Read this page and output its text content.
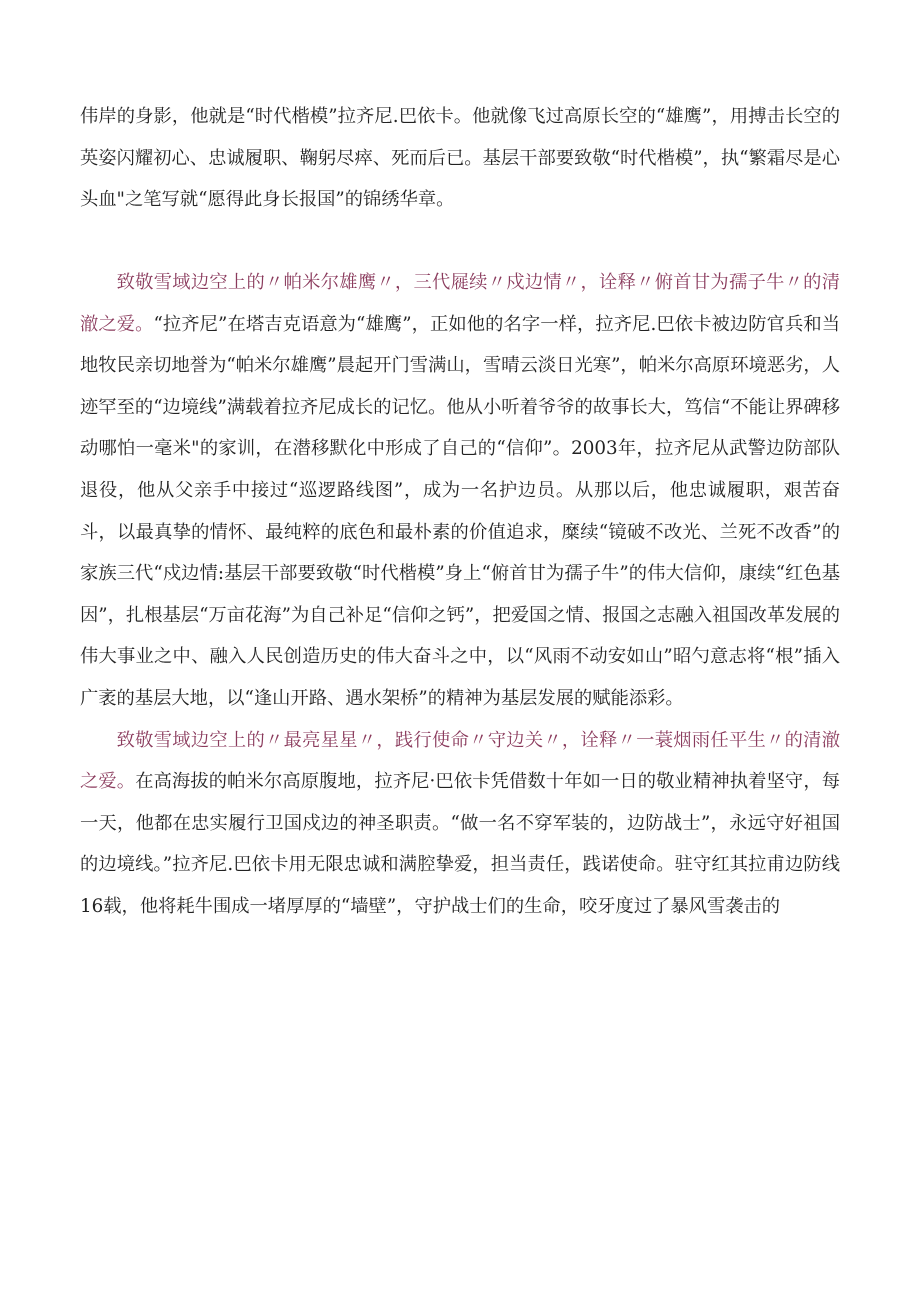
伟岸的身影，他就是“时代楷模”拉齐尼.巴依卡。他就像飞过高原长空的“雄鹰”，用搏击长空的英姿闪耀初心、忠诚履职、鞠躬尽瘁、死而后已。基层干部要致敬“时代楷模”，执“繁霜尽是心头血"之笔写就“愿得此身长报国”的锦绣华章。

致敬雪域边空上的〃帕米尔雄鹰〃，三代屣续〃戍边情〃，诠释〃俯首甘为孺子牛〃的清澈之爱。“拉齐尼”在塔吉克语意为“雄鹰”，正如他的名字一样，拉齐尼.巴依卡被边防官兵和当地牧民亲切地誉为“帕米尔雄鹰”晨起开门雪满山，雪晴云淡日光寒”，帕米尔高原环境恶劣，人迹罕至的“边境线”满载着拉齐尼成长的记忆。他从小听着爷爷的故事长大，笃信“不能让界碑移动哪怕一毫米"的家训，在潜移默化中形成了自己的“信仰”。2003年，拉齐尼从武警边防部队退役，他从父亲手中接过“巡逻路线图”，成为一名护边员。从那以后，他忠诚履职，艰苦奋斗，以最真挚的情怀、最纯粹的底色和最朴素的价值追求，糜续“镜破不改光、兰死不改香”的家族三代“戍边情:基层干部要致敬“时代楷模”身上“俯首甘为孺子牛”的伟大信仰，康续“红色基因”，扎根基层“万亩花海”为自己补足“信仰之钙”，把爱国之情、报国之志融入祖国改革发展的伟大事业之中、融入人民创造历史的伟大奋斗之中，以“风雨不动安如山”昭勺意志将“根”插入广袤的基层大地，以“逢山开路、遇水架桥”的精神为基层发展的赋能添彩。

致敬雪域边空上的〃最亮星星〃，践行使命〃守边关〃，诠释〃一蓑烟雨任平生〃的清澈之爱。在高海拔的帕米尔高原腹地，拉齐尼·巴依卡凭借数十年如一日的敬业精神执着坚守，每一天，他都在忠实履行卫国戍边的神圣职责。“做一名不穿军装的，边防战士”，永远守好祖国的边境线。”拉齐尼.巴依卡用无限忠诚和满腔挚爱，担当责任，践诺使命。驻守红其拉甫边防线16载，他将耗牛围成一堵厚厚的“墙壁”，守护战士们的生命，咬牙度过了暴风雪袭击的
